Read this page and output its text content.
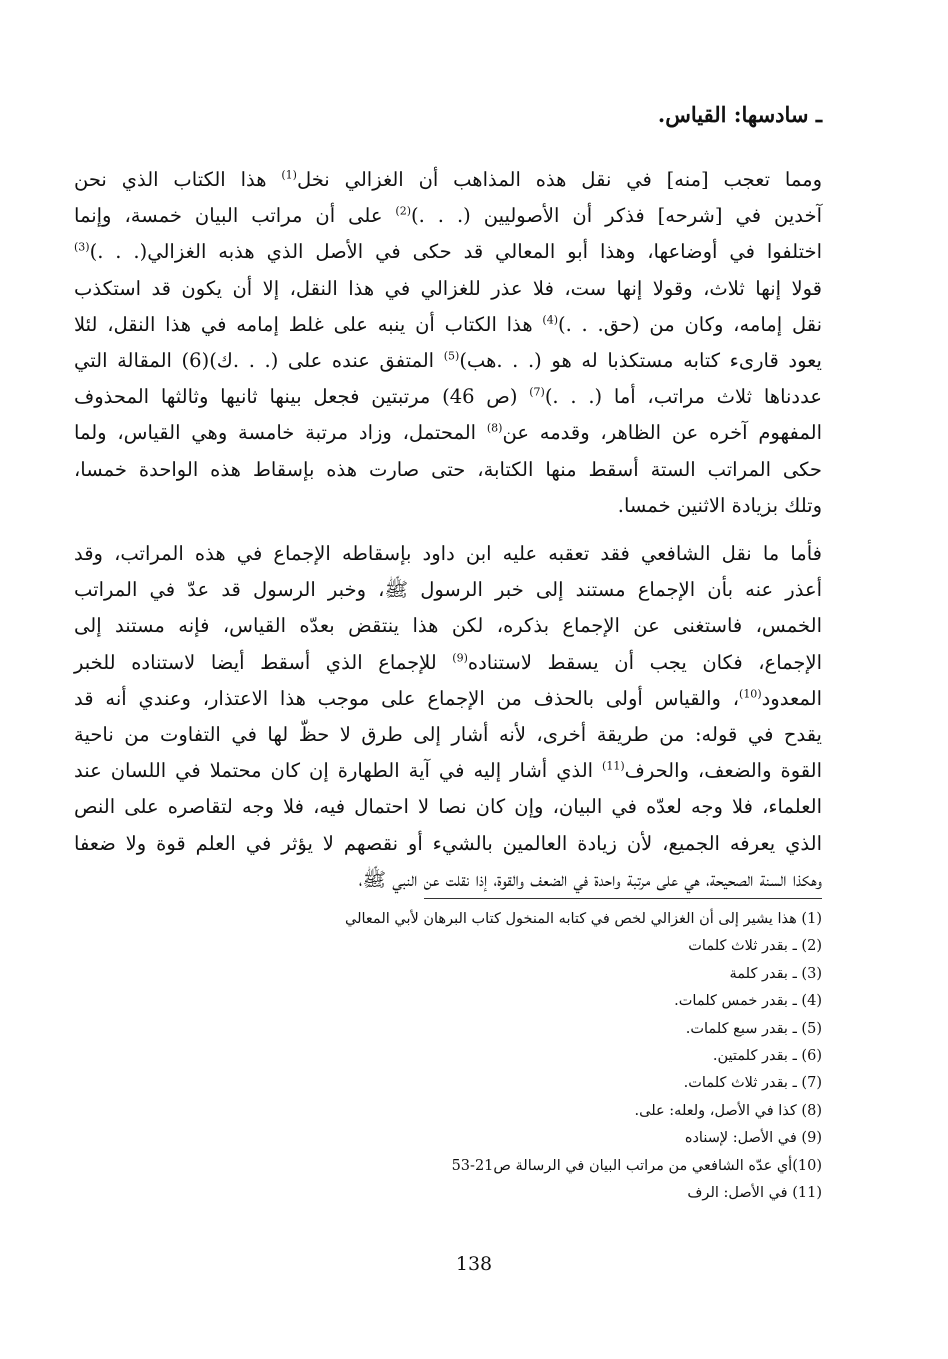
ـ سادسها: القياس.
ومما تعجب [منه] في نقل هذه المذاهب أن الغزالي نخل$^{(1)}$ هذا الكتاب الذي نحن
آخدين في [شرحه] فذكر أن الأصوليين (. . .)$^{(2)}$ على أن مراتب البيان خمسة، وإنما
اختلفوا في أوضاعها، وهذا أبو المعالي قد حكى في الأصل الذي هذبه الغزالي(. . .)$^{(3)}$
قولا إنها ثلاث، وقولا إنها ست، فلا عذر للغزالي في هذا النقل، إلا أن يكون قد استكذب
نقل إمامه، وكان من (حق. . .)$^{(4)}$ هذا الكتاب أن ينبه على غلط إمامه في هذا النقل، لئلا
يعود قارىء كتابه مستكذبا له هو (. . .هب)$^{(5)}$ المتفق عنده على (. . .ك)(6) المقالة التي
عددناها ثلاث مراتب، أما (. . .)$^{(7)}$ (ص 46) مرتبتين فجعل بينها ثانيها وثالثها المحذوف
المفهوم آخره عن الظاهر، وقدمه عن$^{(8)}$ المحتمل، وزاد مرتبة خامسة وهي القياس، ولما
حكى المراتب الستة أسقط منها الكتابة، حتى صارت هذه بإسقاط هذه الواحدة خمسا،
وتلك بزيادة الاثنين خمسا.
فأما ما نقل الشافعي فقد تعقبه عليه ابن داود بإسقاطه الإجماع في هذه المراتب، وقد
أعذر عنه بأن الإجماع مستند إلى خبر الرسول ﷺ، وخبر الرسول قد عدّ في المراتب
الخمس، فاستغنى عن الإجماع بذكره، لكن هذا ينتقض بعدّه القياس، فإنه مستند إلى
الإجماع، فكان يجب أن يسقط لاستناده$^{(9)}$ للإجماع الذي أسقط أيضا لاستناده للخبر
المعدود$^{(10)}$، والقياس أولى بالحذف من الإجماع على موجب هذا الاعتذار، وعندي أنه قد
يقدح في قوله: من طريقة أخرى، لأنه أشار إلى طرق لا حظّ لها في التفاوت من ناحية
القوة والضعف، والحرف$^{(11)}$ الذي أشار إليه في آية الطهارة إن كان محتملا في اللسان عند
العلماء، فلا وجه لعدّه في البيان، وإن كان نصا لا احتمال فيه، فلا وجه لتقاصره على النص
الذي يعرفه الجميع، لأن زيادة العالمين بالشيء أو نقصهم لا يؤثر في العلم قوة ولا ضعفا
وهكذا السنة الصحيحة، هي على مرتبة واحدة في الضعف والقوة، إذا نقلت عن النبي ﷺ،
(1) هذا يشير إلى أن الغزالي لخص في كتابه المنخول كتاب البرهان لأبي المعالي
(2) ـ بقدر ثلاث كلمات
(3) ـ بقدر كلمة
(4) ـ بقدر خمس كلمات.
(5) ـ بقدر سبع كلمات.
(6) ـ بقدر كلمتين.
(7) ـ بقدر ثلاث كلمات.
(8) كذا في الأصل، ولعله: على.
(9) في الأصل: لإسناده
(10)أي عدّه الشافعي من مراتب البيان في الرسالة ص21-53
(11) في الأصل: الرف
138
